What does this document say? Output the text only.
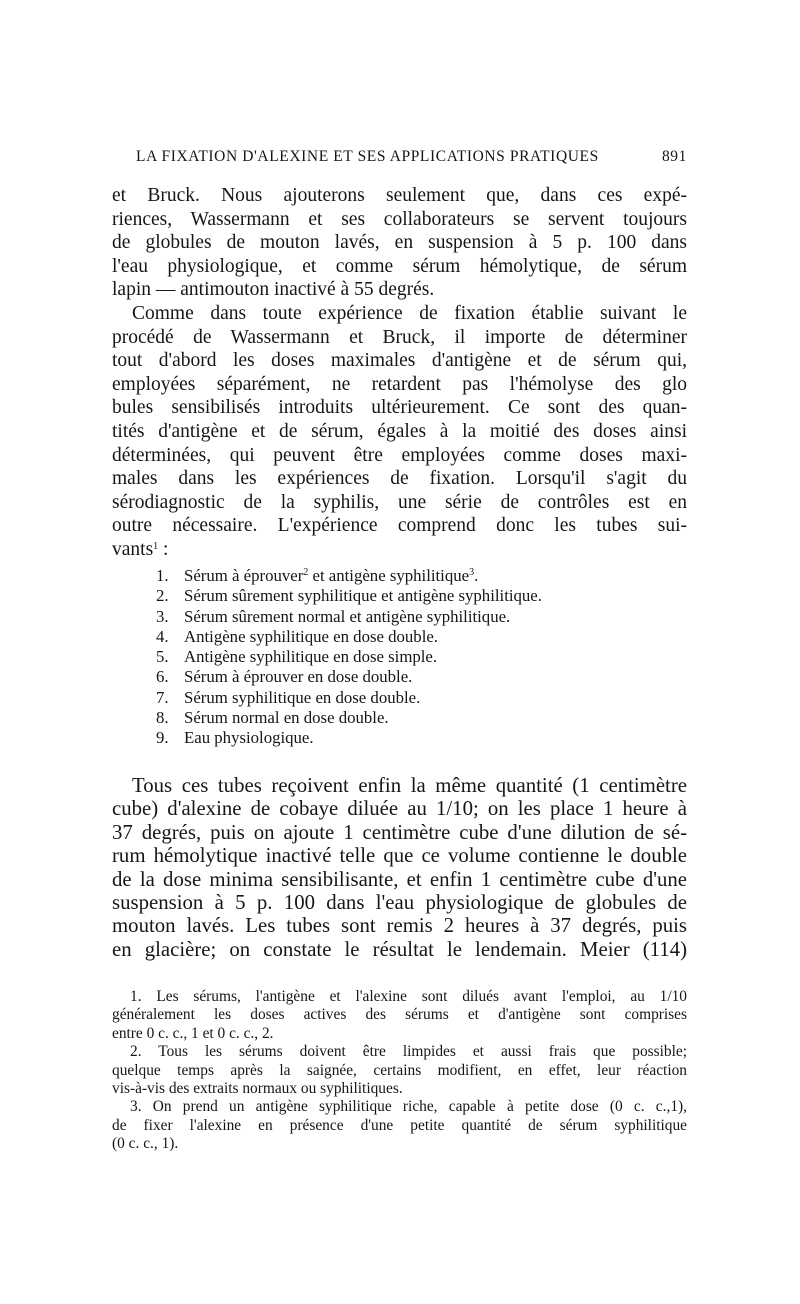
LA FIXATION D'ALEXINE ET SES APPLICATIONS PRATIQUES	891

et Bruck. Nous ajouterons seulement que, dans ces expé-

riences, Wassermann et ses collaborateurs se servent toujours

de globules de mouton lavés, en suspension à 5 p. 100 dans

l'eau physiologique, et comme sérum hémolytique, de sérum

lapin — antimouton inactivé à 55 degrés.

Comme dans toute expérience de fixation établie suivant le

procédé de Wassermann et Bruck, il importe de déterminer

tout d'abord les doses maximales d'antigène et de sérum qui,

employées séparément, ne retardent pas l'hémolyse des glo

bules sensibilisés introduits ultérieurement. Ce sont des quan-

tités d'antigène et de sérum, égales à la moitié des doses ainsi

déterminées, qui peuvent être employées comme doses maxi-

males dans les expériences de fixation. Lorsqu'il s'agit du

sérodiagnostic de la syphilis, une série de contrôles est en

outre nécessaire. L'expérience comprend donc les tubes sui-

vants$^1$ :

1. Sérum à éprouver$^2$ et antigène syphilitique$^3$.
2. Sérum sûrement syphilitique et antigène syphilitique.
3. Sérum sûrement normal et antigène syphilitique.
4. Antigène syphilitique en dose double.
5. Antigène syphilitique en dose simple.
6. Sérum à éprouver en dose double.
7. Sérum syphilitique en dose double.
8. Sérum normal en dose double.
9. Eau physiologique.

Tous ces tubes reçoivent enfin la même quantité (1 centimètre

cube) d'alexine de cobaye diluée au 1/10; on les place 1 heure à

37 degrés, puis on ajoute 1 centimètre cube d'une dilution de sé-

rum hémolytique inactivé telle que ce volume contienne le double

de la dose minima sensibilisante, et enfin 1 centimètre cube d'une

suspension à 5 p. 100 dans l'eau physiologique de globules de

mouton lavés. Les tubes sont remis 2 heures à 37 degrés, puis

en glacière; on constate le résultat le lendemain. Meier (114)

1. Les sérums, l'antigène et l'alexine sont dilués avant l'emploi, au 1/10

généralement les doses actives des sérums et d'antigène sont comprises

entre 0 c. c., 1 et 0 c. c., 2.

2. Tous les sérums doivent être limpides et aussi frais que possible;

quelque temps après la saignée, certains modifient, en effet, leur réaction

vis-à-vis des extraits normaux ou syphilitiques.

3. On prend un antigène syphilitique riche, capable à petite dose (0 c. c.,1),

de fixer l'alexine en présence d'une petite quantité de sérum syphilitique

(0 c. c., 1).
